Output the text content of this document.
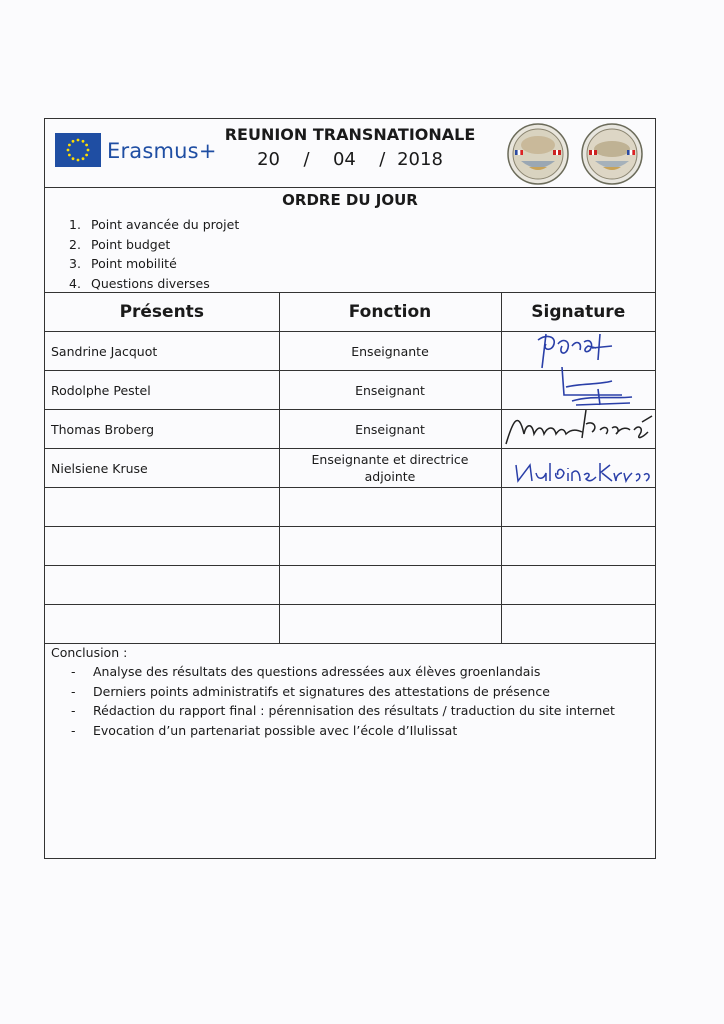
Erasmus+
REUNION TRANSNATIONALE
20  /  04  / 2018
ORDRE DU JOUR
1. Point avancée du projet
2. Point budget
3. Point mobilité
4. Questions diverses
Présents	Fonction	Signature
Sandrine Jacquot	Enseignante	

Rodolphe Pestel	Enseignant	

Thomas Broberg	Enseignant	

Nielsiene Kruse	Enseignante et directrice
adjointe

Conclusion :
- Analyse des résultats des questions adressées aux élèves groenlandais
- Derniers points administratifs et signatures des attestations de présence
- Rédaction du rapport final : pérennisation des résultats / traduction du site internet
- Evocation d’un partenariat possible avec l’école d’Ilulissat
